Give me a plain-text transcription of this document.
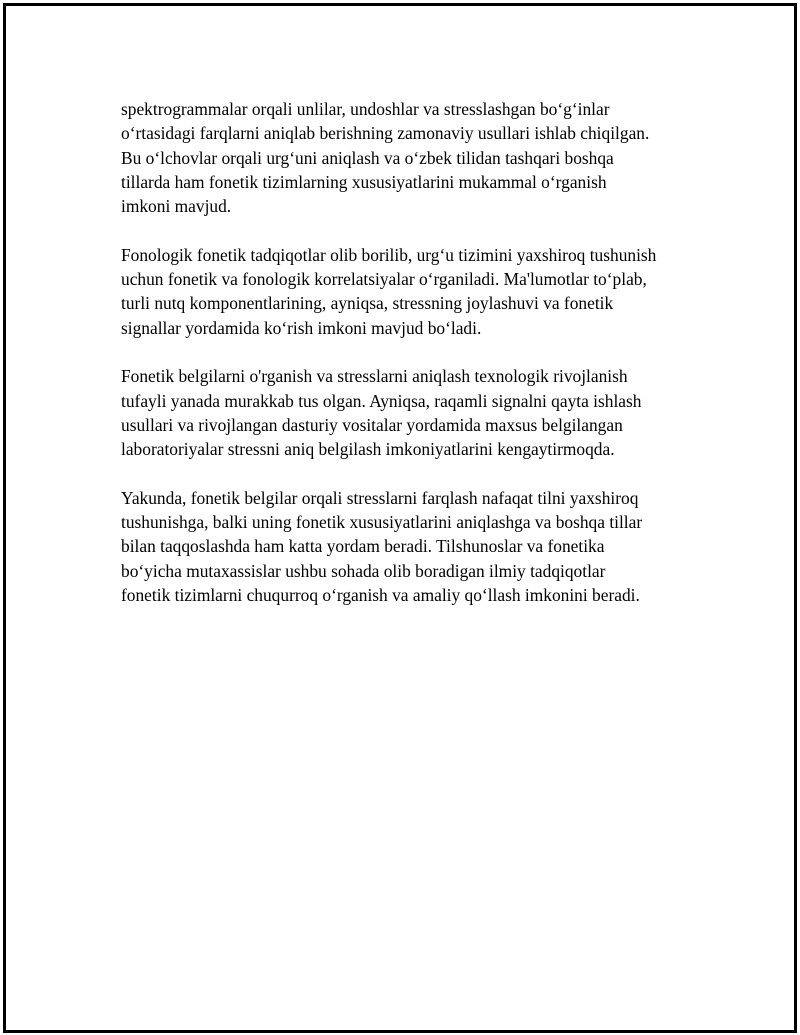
spektrogrammalar orqali unlilar, undoshlar va stresslashgan bo‘g‘inlar
o‘rtasidagi farqlarni aniqlab berishning zamonaviy usullari ishlab chiqilgan.
Bu o‘lchovlar orqali urg‘uni aniqlash va o‘zbek tilidan tashqari boshqa
tillarda ham fonetik tizimlarning xususiyatlarini mukammal o‘rganish
imkoni mavjud.

Fonologik fonetik tadqiqotlar olib borilib, urg‘u tizimini yaxshiroq tushunish
uchun fonetik va fonologik korrelatsiyalar o‘rganiladi. Ma'lumotlar to‘plab,
turli nutq komponentlarining, ayniqsa, stressning joylashuvi va fonetik
signallar yordamida ko‘rish imkoni mavjud bo‘ladi.

Fonetik belgilarni o'rganish va stresslarni aniqlash texnologik rivojlanish
tufayli yanada murakkab tus olgan. Ayniqsa, raqamli signalni qayta ishlash
usullari va rivojlangan dasturiy vositalar yordamida maxsus belgilangan
laboratoriyalar stressni aniq belgilash imkoniyatlarini kengaytirmoqda.

Yakunda, fonetik belgilar orqali stresslarni farqlash nafaqat tilni yaxshiroq
tushunishga, balki uning fonetik xususiyatlarini aniqlashga va boshqa tillar
bilan taqqoslashda ham katta yordam beradi. Tilshunoslar va fonetika
bo‘yicha mutaxassislar ushbu sohada olib boradigan ilmiy tadqiqotlar
fonetik tizimlarni chuqurroq o‘rganish va amaliy qo‘llash imkonini beradi.
